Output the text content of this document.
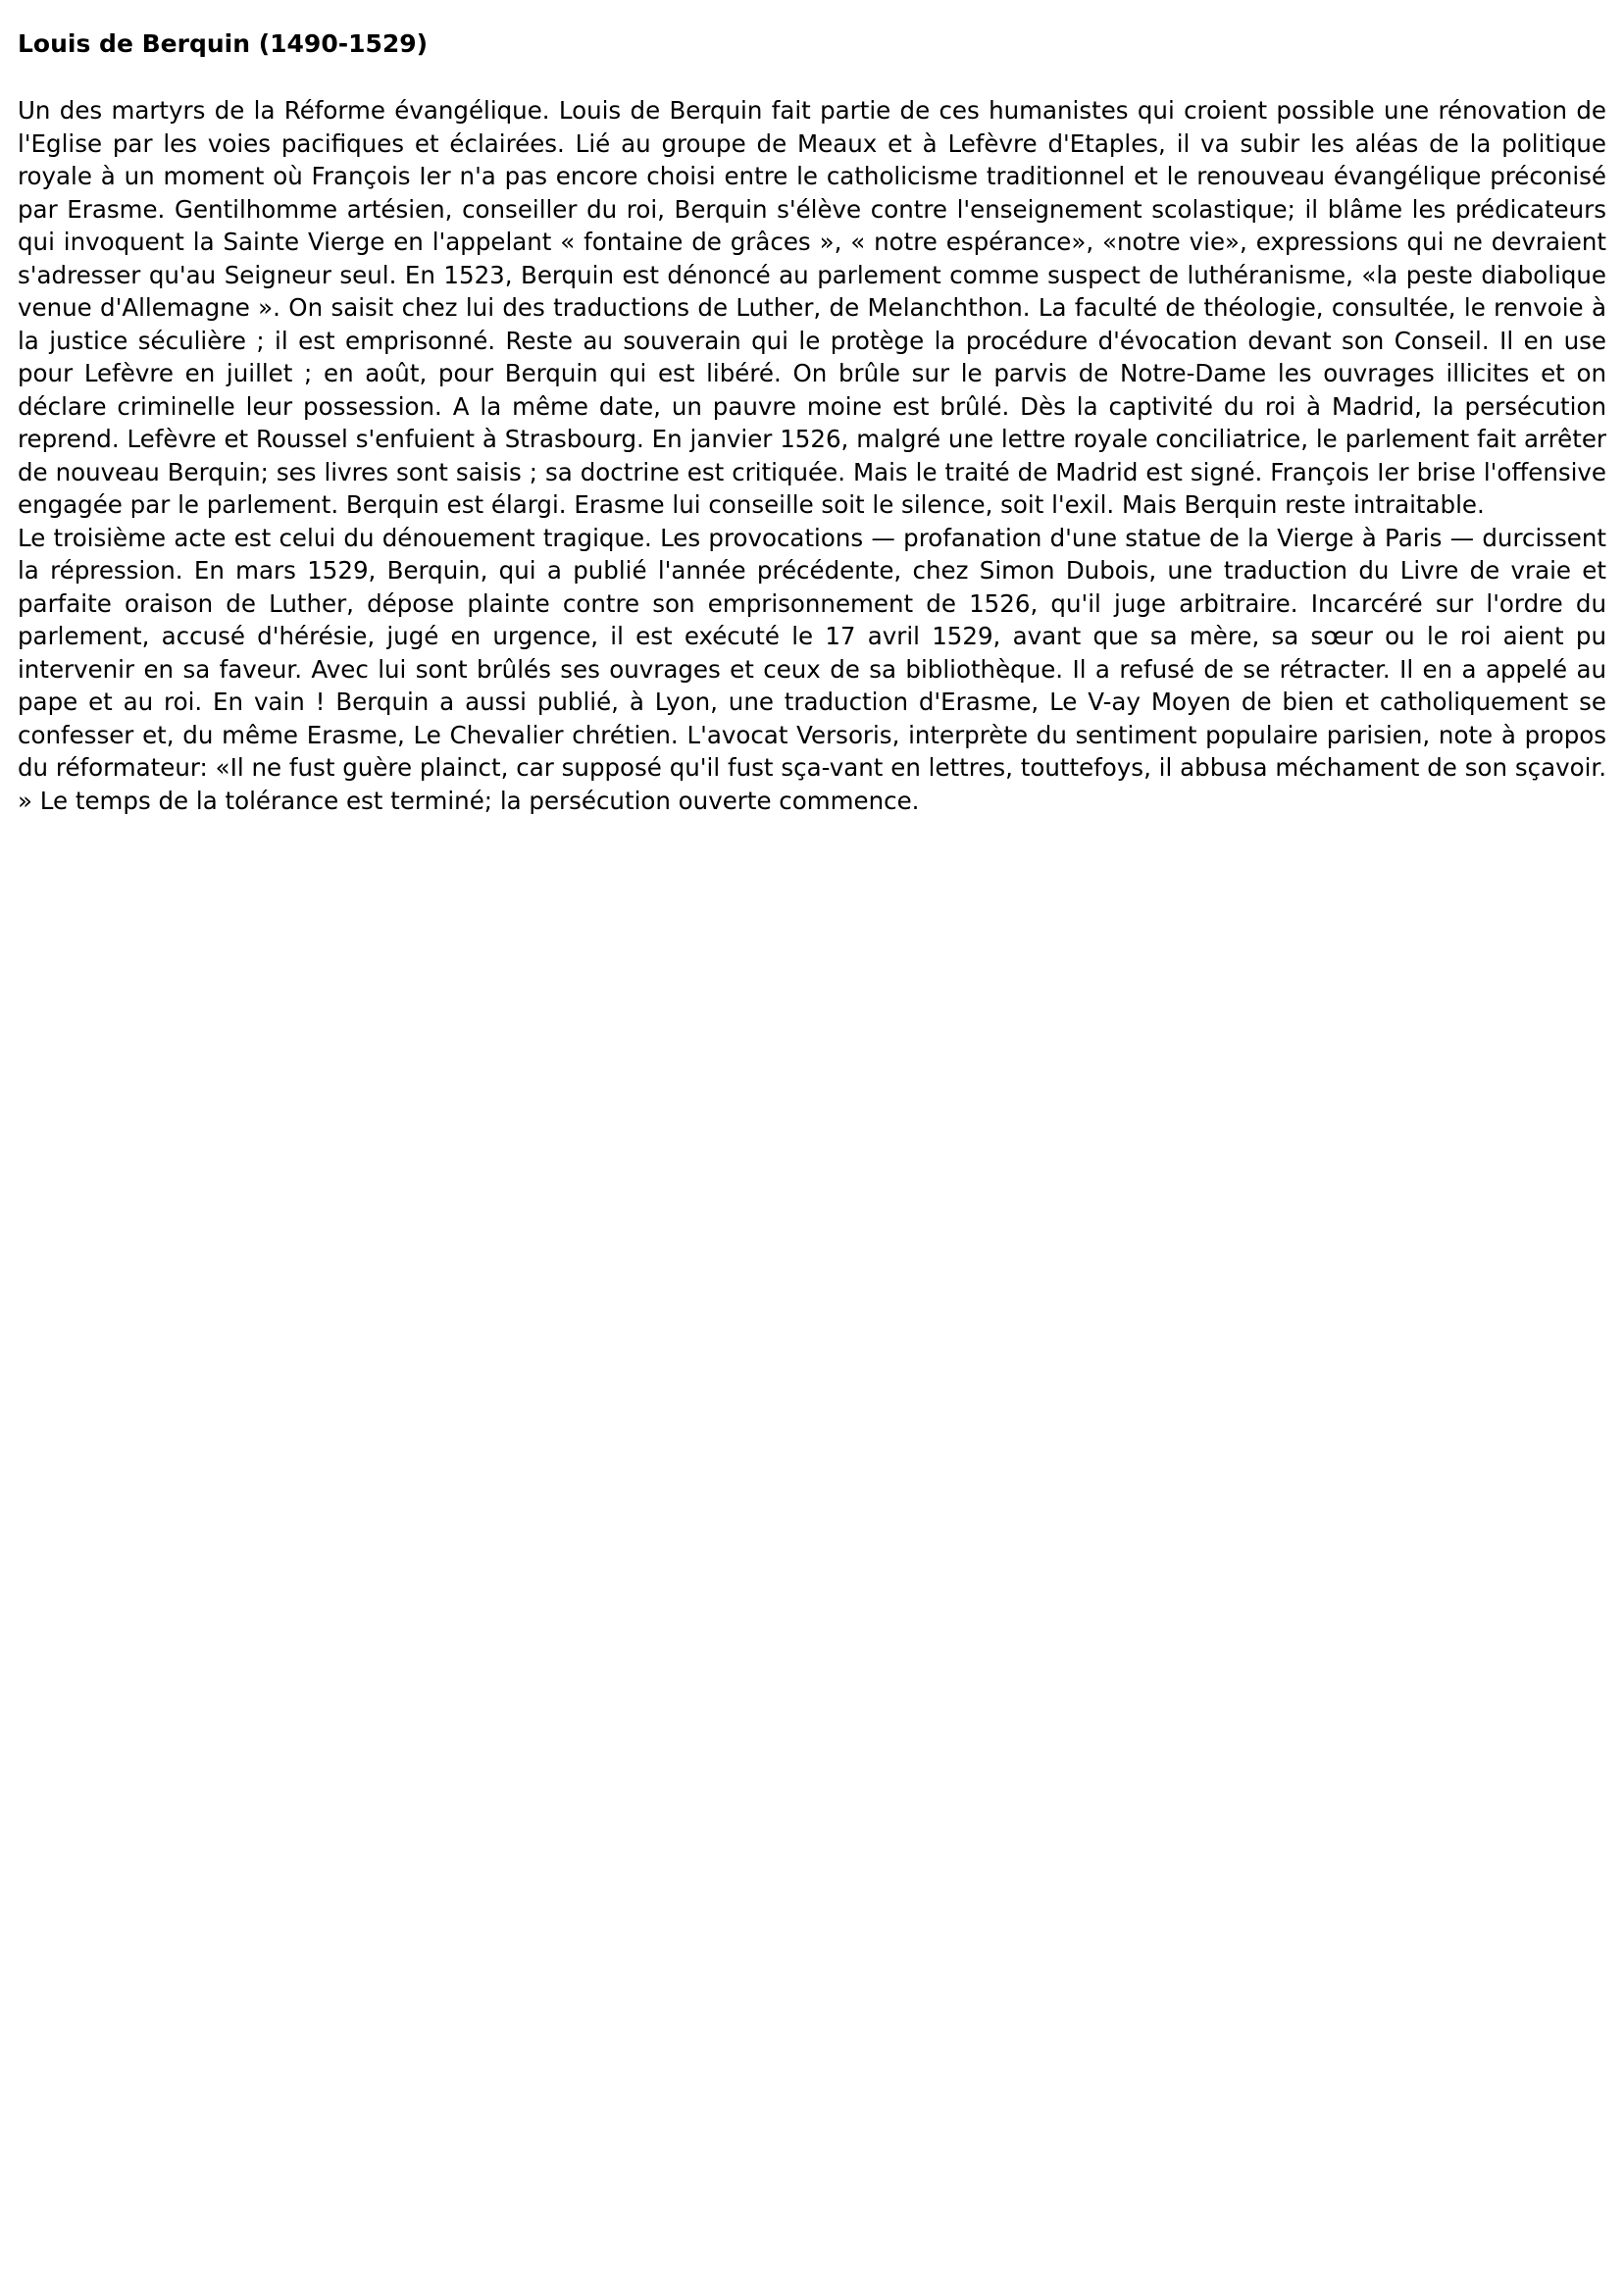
Louis de Berquin (1490-1529)

Un des martyrs de la Réforme évangélique. Louis de Berquin fait partie de ces humanistes qui croient possible une rénovation de l'Eglise par les voies pacifiques et éclairées. Lié au groupe de Meaux et à Lefèvre d'Etaples, il va subir les aléas de la politique royale à un moment où François Ier n'a pas encore choisi entre le catholicisme traditionnel et le renouveau évangélique préconisé par Erasme. Gentilhomme artésien, conseiller du roi, Berquin s'élève contre l'enseignement scolastique; il blâme les prédicateurs qui invoquent la Sainte Vierge en l'appelant « fontaine de grâces », « notre espérance», «notre vie», expressions qui ne devraient s'adresser qu'au Seigneur seul. En 1523, Berquin est dénoncé au parlement comme suspect de luthéranisme, «la peste diabolique venue d'Allemagne ». On saisit chez lui des traductions de Luther, de Melanchthon. La faculté de théologie, consultée, le renvoie à la justice séculière ; il est emprisonné. Reste au souverain qui le protège la procédure d'évocation devant son Conseil. Il en use pour Lefèvre en juillet ; en août, pour Berquin qui est libéré. On brûle sur le parvis de Notre-Dame les ouvrages illicites et on déclare criminelle leur possession. A la même date, un pauvre moine est brûlé. Dès la captivité du roi à Madrid, la persécution reprend. Lefèvre et Roussel s'enfuient à Strasbourg. En janvier 1526, malgré une lettre royale conciliatrice, le parlement fait arrêter de nouveau Berquin; ses livres sont saisis ; sa doctrine est critiquée. Mais le traité de Madrid est signé. François Ier brise l'offensive engagée par le parlement. Berquin est élargi. Erasme lui conseille soit le silence, soit l'exil. Mais Berquin reste intraitable.

Le troisième acte est celui du dénouement tragique. Les provocations — profanation d'une statue de la Vierge à Paris — durcissent la répression. En mars 1529, Berquin, qui a publié l'année précédente, chez Simon Dubois, une traduction du Livre de vraie et parfaite oraison de Luther, dépose plainte contre son emprisonnement de 1526, qu'il juge arbitraire. Incarcéré sur l'ordre du parlement, accusé d'hérésie, jugé en urgence, il est exécuté le 17 avril 1529, avant que sa mère, sa sœur ou le roi aient pu intervenir en sa faveur. Avec lui sont brûlés ses ouvrages et ceux de sa bibliothèque. Il a refusé de se rétracter. Il en a appelé au pape et au roi. En vain ! Berquin a aussi publié, à Lyon, une traduction d'Erasme, Le V-ay Moyen de bien et catholiquement se confesser et, du même Erasme, Le Chevalier chrétien. L'avocat Versoris, interprète du sentiment populaire parisien, note à propos du réformateur: «Il ne fust guère plainct, car supposé qu'il fust sça-vant en lettres, touttefoys, il abbusa méchament de son sçavoir. » Le temps de la tolérance est terminé; la persécution ouverte commence.
